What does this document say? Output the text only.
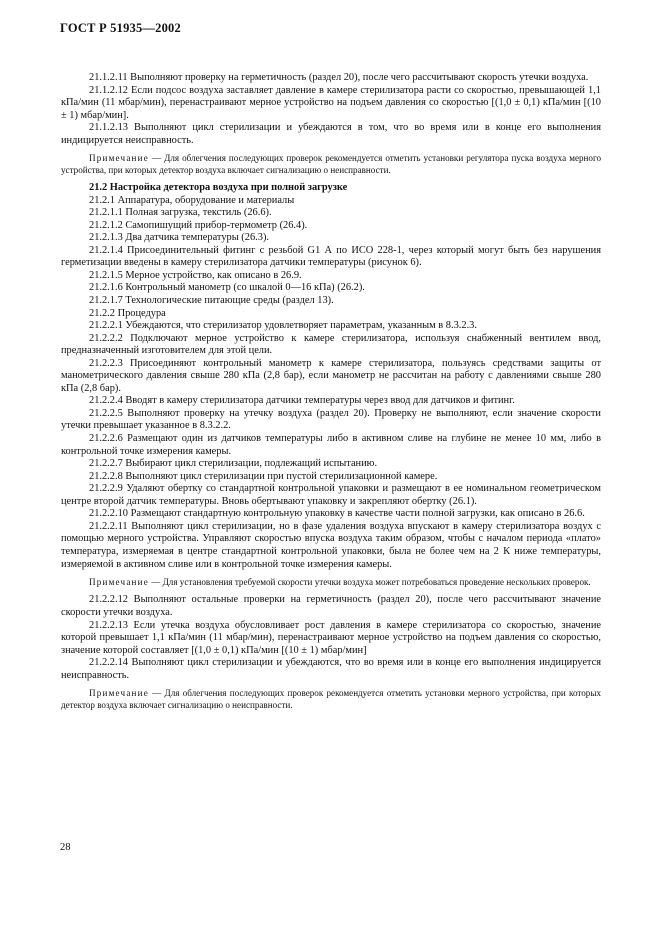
ГОСТ Р 51935—2002

21.1.2.11 Выполняют проверку на герметичность (раздел 20), после чего рассчитывают скорость утечки воздуха.

21.1.2.12 Если подсос воздуха заставляет давление в камере стерилизатора расти со скоростью, превышающей 1,1 кПа/мин (11 мбар/мин), перенастраивают мерное устройство на подъем давления со скоростью [(1,0 ± 0,1) кПа/мин [(10 ± 1) мбар/мин].

21.1.2.13 Выполняют цикл стерилизации и убеждаются в том, что во время или в конце его выполнения индицируется неисправность.

Примечание — Для облегчения последующих проверок рекомендуется отметить установки регулятора пуска воздуха мерного устройства, при которых детектор воздуха включает сигнализацию о неисправности.

21.2 Настройка детектора воздуха при полной загрузке

21.2.1 Аппаратура, оборудование и материалы

21.2.1.1 Полная загрузка, текстиль (26.6).

21.2.1.2 Самопишущий прибор-термометр (26.4).

21.2.1.3 Два датчика температуры (26.3).

21.2.1.4 Присоединительный фитинг с резьбой G1 А по ИСО 228-1, через который могут быть без нарушения герметизации введены в камеру стерилизатора датчики температуры (рисунок 6).

21.2.1.5 Мерное устройство, как описано в 26.9.

21.2.1.6 Контрольный манометр (со шкалой 0—16 кПа) (26.2).

21.2.1.7 Технологические питающие среды (раздел 13).

21.2.2 Процедура

21.2.2.1 Убеждаются, что стерилизатор удовлетворяет параметрам, указанным в 8.3.2.3.

21.2.2.2 Подключают мерное устройство к камере стерилизатора, используя снабженный вентилем ввод, предназначенный изготовителем для этой цели.

21.2.2.3 Присоединяют контрольный манометр к камере стерилизатора, пользуясь средствами защиты от манометрического давления свыше 280 кПа (2,8 бар), если манометр не рассчитан на работу с давлениями свыше 280 кПа (2,8 бар).

21.2.2.4 Вводят в камеру стерилизатора датчики температуры через ввод для датчиков и фитинг.

21.2.2.5 Выполняют проверку на утечку воздуха (раздел 20). Проверку не выполняют, если значение скорости утечки превышает указанное в 8.3.2.2.

21.2.2.6 Размещают один из датчиков температуры либо в активном сливе на глубине не менее 10 мм, либо в контрольной точке измерения камеры.

21.2.2.7 Выбирают цикл стерилизации, подлежащий испытанию.

21.2.2.8 Выполняют цикл стерилизации при пустой стерилизационной камере.

21.2.2.9 Удаляют обертку со стандартной контрольной упаковки и размещают в ее номинальном геометрическом центре второй датчик температуры. Вновь обертывают упаковку и закрепляют обертку (26.1).

21.2.2.10 Размещают стандартную контрольную упаковку в качестве части полной загрузки, как описано в 26.6.

21.2.2.11 Выполняют цикл стерилизации, но в фазе удаления воздуха впускают в камеру стерилизатора воздух с помощью мерного устройства. Управляют скоростью впуска воздуха таким образом, чтобы с началом периода «плато» температура, измеряемая в центре стандартной контрольной упаковки, была не более чем на 2 К ниже температуры, измеряемой в активном сливе или в контрольной точке измерения камеры.

Примечание — Для установления требуемой скорости утечки воздуха может потребоваться проведение нескольких проверок.

21.2.2.12 Выполняют остальные проверки на герметичность (раздел 20), после чего рассчитывают значение скорости утечки воздуха.

21.2.2.13 Если утечка воздуха обусловливает рост давления в камере стерилизатора со скоростью, значение которой превышает 1,1 кПа/мин (11 мбар/мин), перенастраивают мерное устройство на подъем давления со скоростью, значение которой составляет [(1,0 ± 0,1) кПа/мин [(10 ± 1) мбар/мин]

21.2.2.14 Выполняют цикл стерилизации и убеждаются, что во время или в конце его выполнения индицируется неисправность.

Примечание — Для облегчения последующих проверок рекомендуется отметить установки мерного устройства, при которых детектор воздуха включает сигнализацию о неисправности.

28
